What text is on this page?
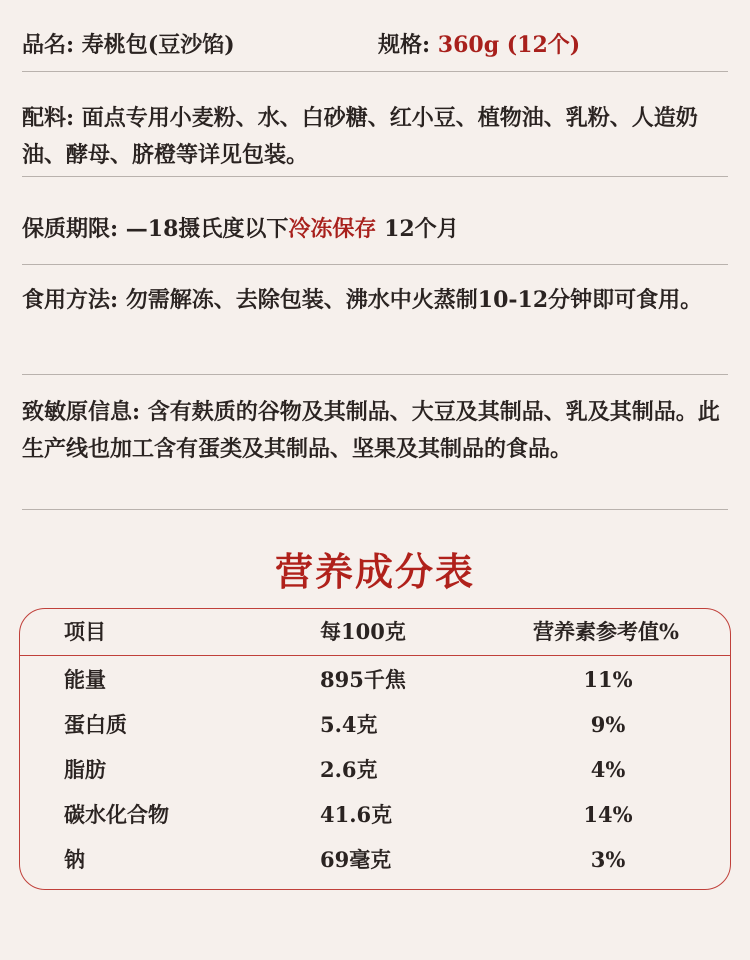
品名: 寿桃包(豆沙馅)	规格: 360g (12个)
配料: 面点专用小麦粉、水、白砂糖、红小豆、植物油、乳粉、人造奶油、酵母、脐橙等详见包装。
保质期限: —18摄氏度以下冷冻保存 12个月
食用方法: 勿需解冻、去除包装、沸水中火蒸制10-12分钟即可食用。
致敏原信息: 含有麸质的谷物及其制品、大豆及其制品、乳及其制品。此生产线也加工含有蛋类及其制品、坚果及其制品的食品。
营养成分表
项目	每100克	营养素参考值%
能量	895千焦	11%
蛋白质	5.4克	9%
脂肪	2.6克	4%
碳水化合物	41.6克	14%
钠	69毫克	3%
